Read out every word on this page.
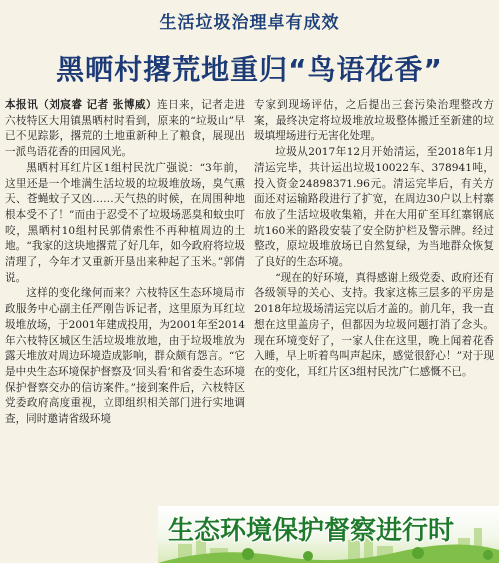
生活垃圾治理卓有成效
黑晒村撂荒地重归“鸟语花香”

本报讯（刘宸睿 记者 张博威）连日来，记者走进六枝特区大用镇黑晒村时看到，原来的“垃圾山”早已不见踪影，撂荒的土地重新种上了粮食，展现出一派鸟语花香的田园风光。

黑晒村耳红片区1组村民沈广强说：“3年前，这里还是一个堆满生活垃圾的垃圾堆放场，臭气熏天、苍蝇蚊子又凶……天气热的时候，在周围种地根本受不了！”而由于忍受不了垃圾场恶臭和蚊虫叮咬，黑晒村10组村民郭倩索性不再种植周边的土地。“我家的这块地撂荒了好几年，如今政府将垃圾清理了，今年才又重新开垦出来种起了玉米。”郭倩说。

这样的变化缘何而来？六枝特区生态环境局市政服务中心副主任严刚告诉记者，这里原为耳红垃圾堆放场，于2001年建成投用，为2001年至2014年六枝特区城区生活垃圾堆放地，由于垃圾堆放为露天堆放对周边环境造成影响，群众颇有怨言。“它是中央生态环境保护督察及‘回头看’和省委生态环境保护督察交办的信访案件。”接到案件后，六枝特区党委政府高度重视，立即组织相关部门进行实地调查，同时邀请省级环境

专家到现场评估，之后提出三套污染治理整改方案，最终决定将垃圾堆放垃圾整体搬迁至新建的垃圾填埋场进行无害化处理。

垃圾从2017年12月开始清运，至2018年1月清运完毕，共计运出垃圾10022车、378941吨，投入资金24898371.96元。清运完毕后，有关方面还对运输路段进行了扩宽，在周边30户以上村寨布放了生活垃圾收集箱，并在大用矿至耳红寨钢底坑160米的路段安装了安全防护栏及警示牌。经过整改，原垃圾堆放场已自然复绿，为当地群众恢复了良好的生态环境。

“现在的好环境，真得感谢上级党委、政府还有各级领导的关心、支持。我家这栋三层多的平房是2018年垃圾场清运完以后才盖的。前几年，我一直想在这里盖房子，但都因为垃圾问题打消了念头。现在环境变好了，一家人住在这里，晚上闻着花香入睡，早上听着鸟叫声起床，感觉很舒心！”对于现在的变化，耳红片区3组村民沈广仁感慨不已。

生态环境保护督察进行时
